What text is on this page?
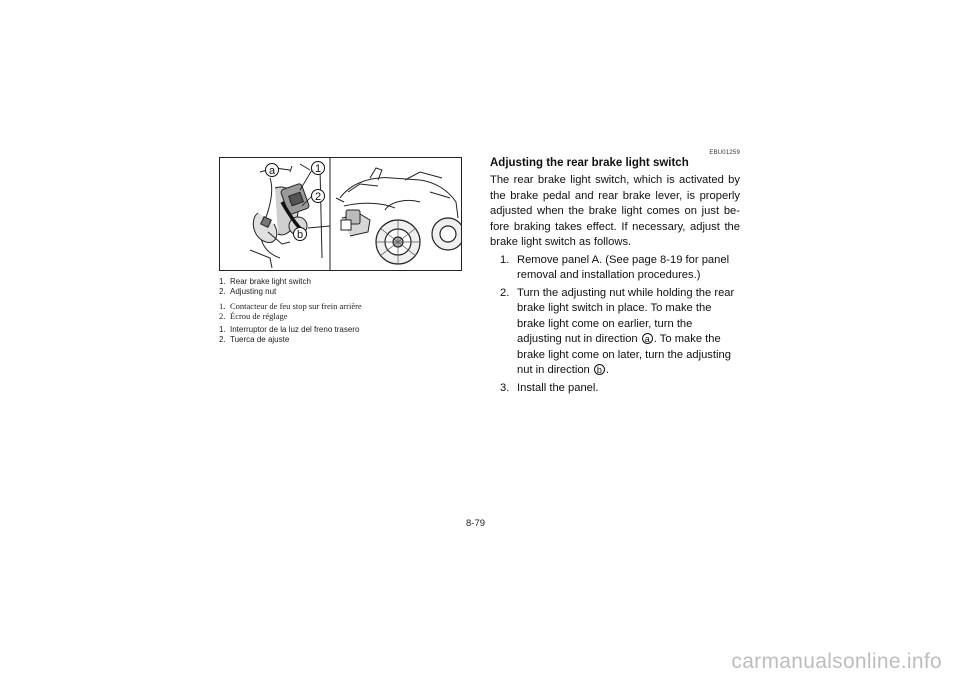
a	1
2
b
1. Rear brake light switch
2. Adjusting nut
1. Contacteur de feu stop sur frein arrière
2. Écrou de réglage
1. Interruptor de la luz del freno trasero
2. Tuerca de ajuste
EBU01259
Adjusting the rear brake light switch

The rear brake light switch, which is activated by the brake pedal and rear brake lever, is properly adjusted when the brake light comes on just be-fore braking takes effect. If necessary, adjust the brake light switch as follows.

1. Remove panel A. (See page 8-19 for panel removal and installation procedures.)
2. Turn the adjusting nut while holding the rear brake light switch in place. To make the brake light come on earlier, turn the adjusting nut in direction a . To make the brake light come on later, turn the adjusting nut in direction b .
3. Install the panel.
8-79
carmanualsonline.info
